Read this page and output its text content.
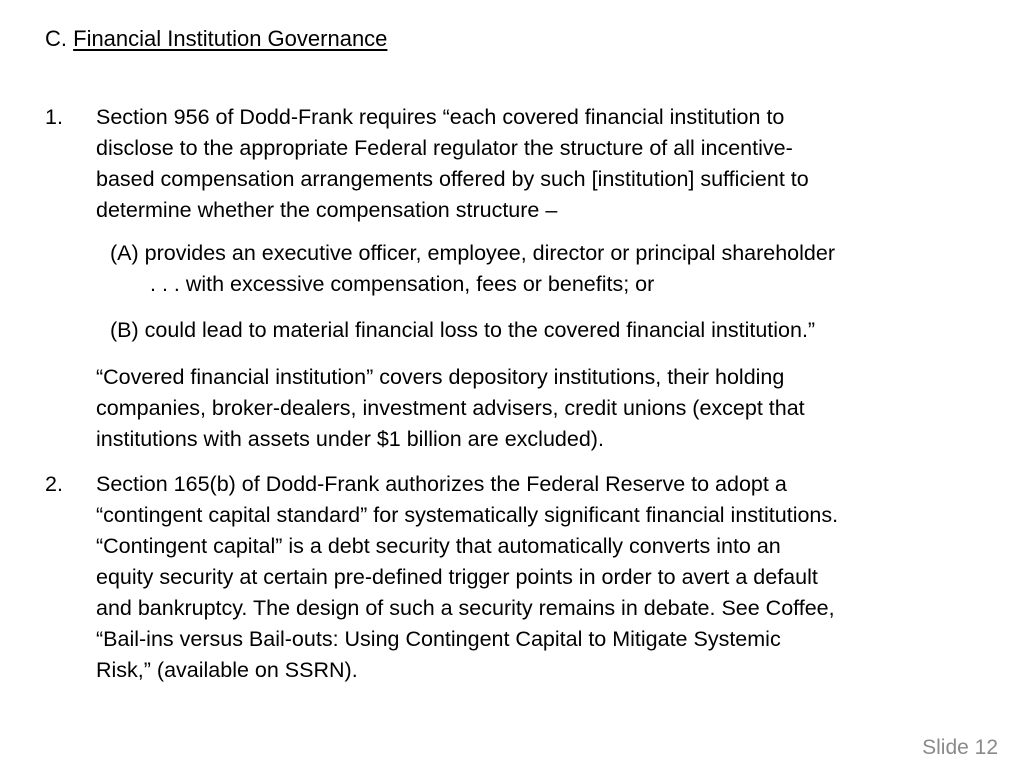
C. Financial Institution Governance
1. Section 956 of Dodd-Frank requires “each covered financial institution to
disclose to the appropriate Federal regulator the structure of all incentive-
based compensation arrangements offered by such [institution] sufficient to
determine whether the compensation structure –
(A) provides an executive officer, employee, director or principal shareholder
. . . with excessive compensation, fees or benefits; or
(B) could lead to material financial loss to the covered financial institution.”
“Covered financial institution” covers depository institutions, their holding
companies, broker-dealers, investment advisers, credit unions (except that
institutions with assets under $1 billion are excluded).
2. Section 165(b) of Dodd-Frank authorizes the Federal Reserve to adopt a
“contingent capital standard” for systematically significant financial institutions.
“Contingent capital” is a debt security that automatically converts into an
equity security at certain pre-defined trigger points in order to avert a default
and bankruptcy. The design of such a security remains in debate. See Coffee,
“Bail-ins versus Bail-outs: Using Contingent Capital to Mitigate Systemic
Risk,” (available on SSRN).
Slide 12
